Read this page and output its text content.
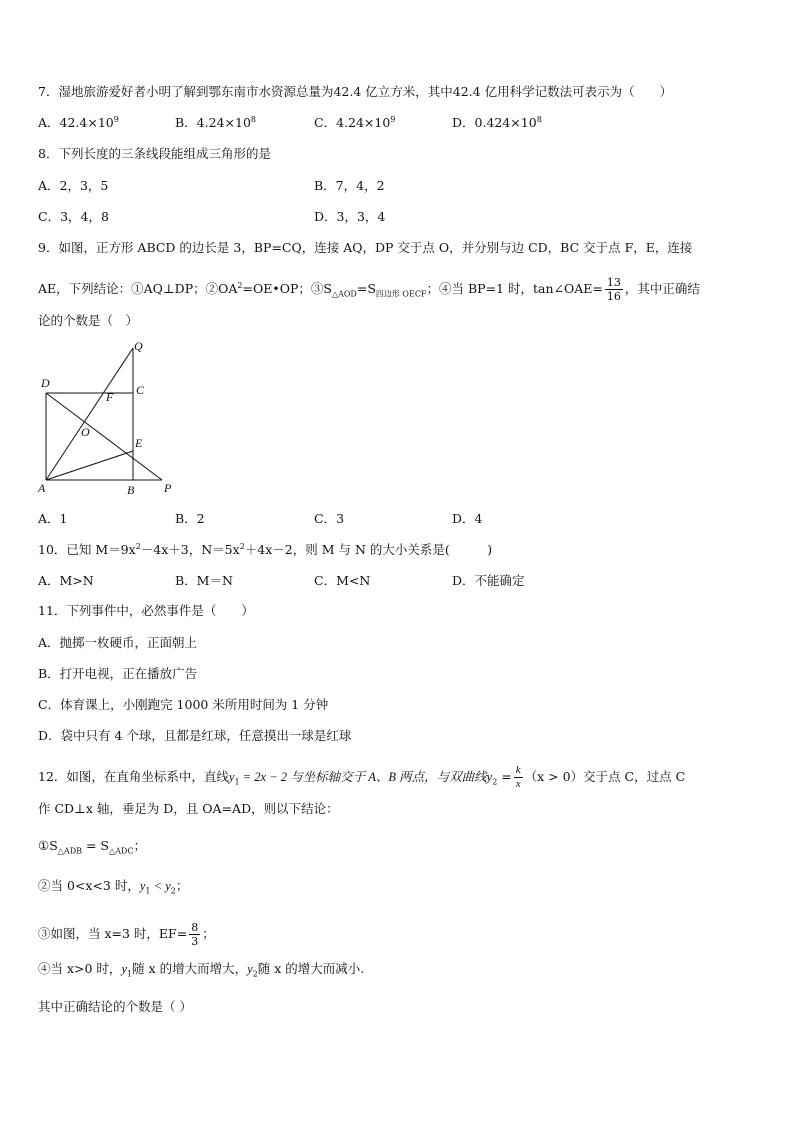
7．湿地旅游爱好者小明了解到鄂东南市水资源总量为42.4 亿立方米，其中42.4 亿用科学记数法可表示为（　　）
A．$42.4\times 10^9$	B．$4.24\times 10^8$	C．$4.24\times 10^9$	D．$0.424\times 10^8$
8．下列长度的三条线段能组成三角形的是
A．2，3，5	B．7，4，2
C．3，4，8	D．3，3，4
9．如图，正方形 ABCD 的边长是 3，BP=CQ，连接 AQ，DP 交于点 O，并分别与边 CD，BC 交于点 F，E，连接
AE，下列结论：①AQ⊥DP；$②OA^2=OE•OP$；$③S_{\triangle AOD}=S_{四边形 OECF}$；④当 BP=1 时，tan∠OAE= $\frac{13}{16}$ ，其中正确结
论的个数是（　）
Q
D	C
F
O
E
A	B P
A．1	B．2	C．3	D．4
10．已知 $M=9x^2-4x+3$，$N=5x^2+4x-2$，则 M 与 N 的大小关系是(　　　)
A．M>N	B．M＝N	C．M<N	D．不能确定
11．下列事件中，必然事件是（　　）
A．抛掷一枚硬币，正面朝上
B．打开电视，正在播放广告
C．体育课上，小刚跑完 1000 米所用时间为 1 分钟
D．袋中只有 4 个球，且都是红球，任意摸出一球是红球
12．如图，在直角坐标系中，直线$y_1 = 2x - 2$ 与坐标轴交于 A、B 两点，与双曲线$y_2 = \frac{k}{x} (x > 0)$交于点 C，过点 C
作 CD⊥x 轴，垂足为 D，且 OA=AD，则以下结论：
$①S_{\triangle ADB} = S_{\triangle ADC}$；
②当 0<x<3 时，$y_1 < y_2$；
③如图，当 x=3 时，$EF= \frac{8}{3}$ ；
④当 x>0 时，$y_1$随 x 的增大而增大，$y_2$随 x 的增大而减小.
其中正确结论的个数是（ ）
